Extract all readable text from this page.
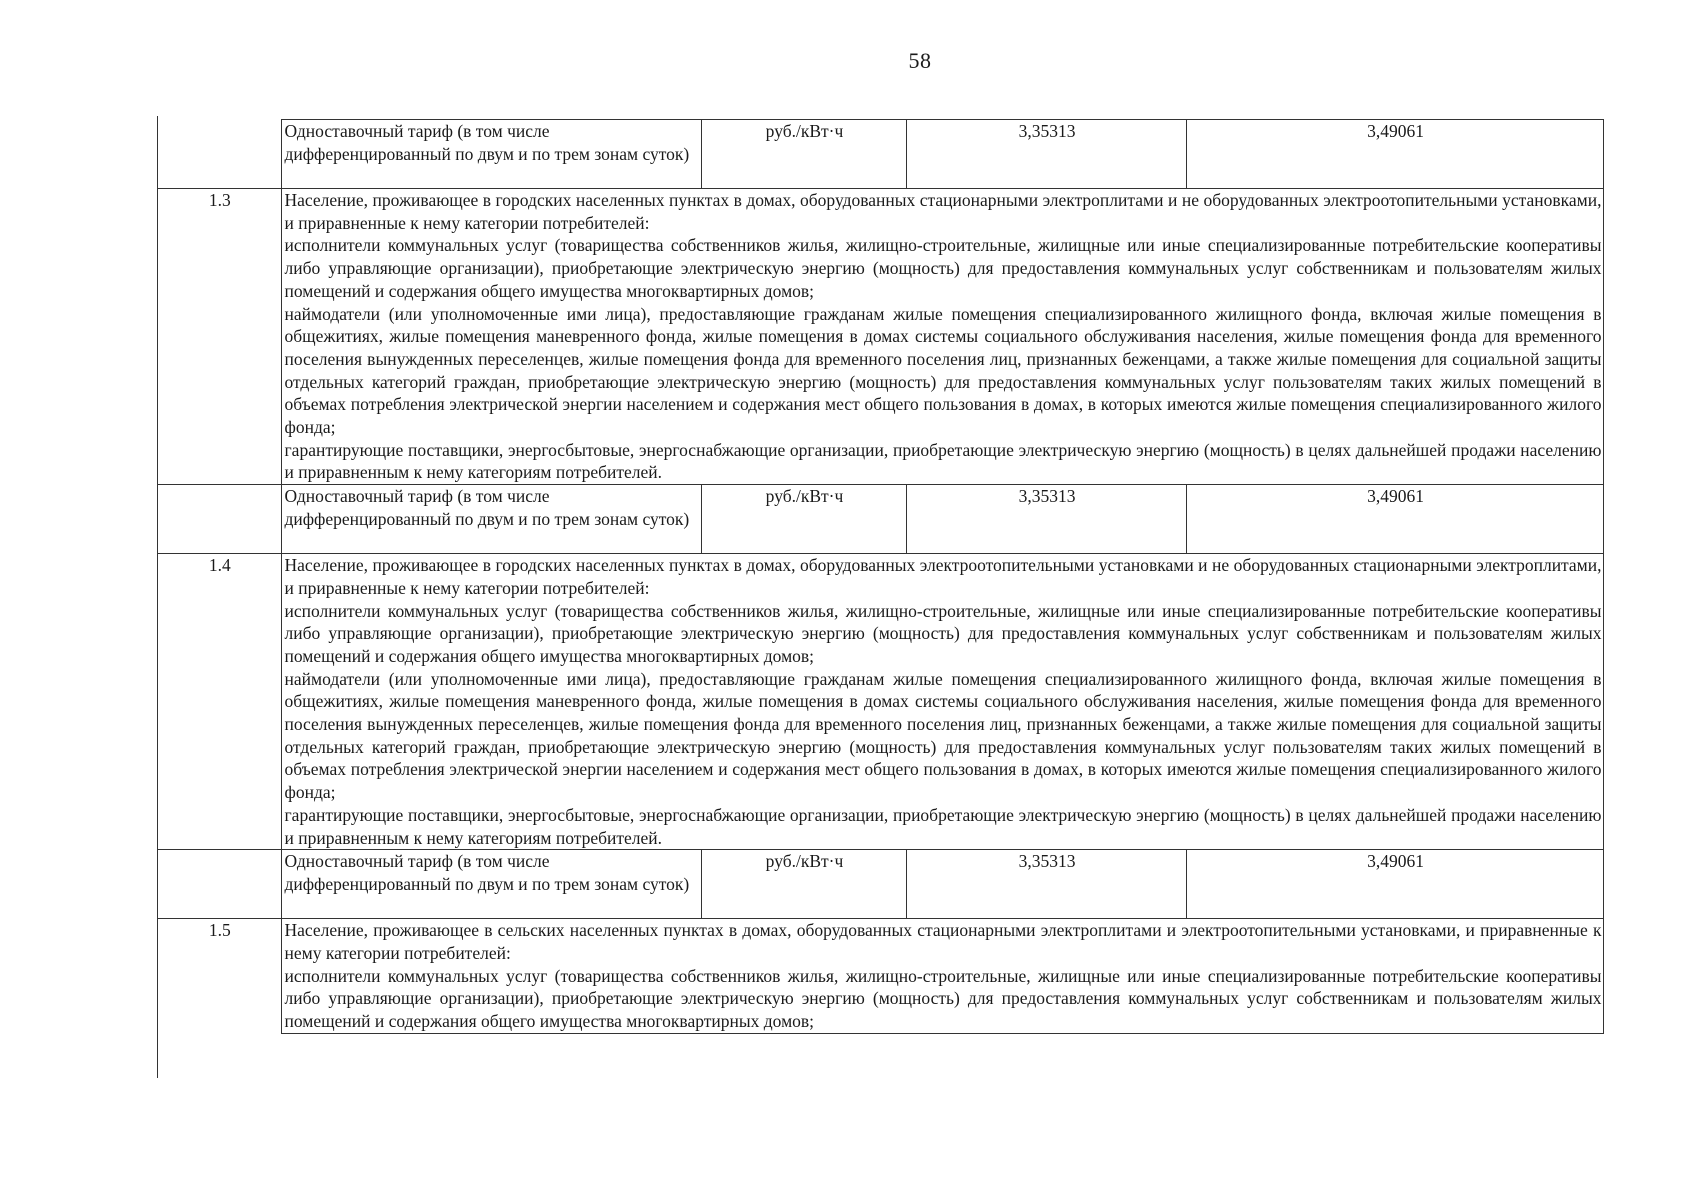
58
	Одноставочный тариф (в том числе дифференцированный по двум и по трем зонам суток)	руб./кВт·ч	3,35313	3,49061
1.3	Население, проживающее в городских населенных пунктах в домах, оборудованных стационарными электроплитами и не оборудованных электроотопительными установками, и приравненные к нему категории потребителей:

исполнители коммунальных услуг (товарищества собственников жилья, жилищно-строительные, жилищные или иные специализированные потребительские кооперативы либо управляющие организации), приобретающие электрическую энергию (мощность) для предоставления коммунальных услуг собственникам и пользователям жилых помещений и содержания общего имущества многоквартирных домов;

наймодатели (или уполномоченные ими лица), предоставляющие гражданам жилые помещения специализированного жилищного фонда, включая жилые помещения в общежитиях, жилые помещения маневренного фонда, жилые помещения в домах системы социального обслуживания населения, жилые помещения фонда для временного поселения вынужденных переселенцев, жилые помещения фонда для временного поселения лиц, признанных беженцами, а также жилые помещения для социальной защиты отдельных категорий граждан, приобретающие электрическую энергию (мощность) для предоставления коммунальных услуг пользователям таких жилых помещений в объемах потребления электрической энергии населением и содержания мест общего пользования в домах, в которых имеются жилые помещения специализированного жилого фонда;

гарантирующие поставщики, энергосбытовые, энергоснабжающие организации, приобретающие электрическую энергию (мощность) в целях дальнейшей продажи населению и приравненным к нему категориям потребителей.			

	Одноставочный тариф (в том числе дифференцированный по двум и по трем зонам суток)	руб./кВт·ч	3,35313	3,49061
1.4	Население, проживающее в городских населенных пунктах в домах, оборудованных электроотопительными установками и не оборудованных стационарными электроплитами, и приравненные к нему категории потребителей:

исполнители коммунальных услуг (товарищества собственников жилья, жилищно-строительные, жилищные или иные специализированные потребительские кооперативы либо управляющие организации), приобретающие электрическую энергию (мощность) для предоставления коммунальных услуг собственникам и пользователям жилых помещений и содержания общего имущества многоквартирных домов;

наймодатели (или уполномоченные ими лица), предоставляющие гражданам жилые помещения специализированного жилищного фонда, включая жилые помещения в общежитиях, жилые помещения маневренного фонда, жилые помещения в домах системы социального обслуживания населения, жилые помещения фонда для временного поселения вынужденных переселенцев, жилые помещения фонда для временного поселения лиц, признанных беженцами, а также жилые помещения для социальной защиты отдельных категорий граждан, приобретающие электрическую энергию (мощность) для предоставления коммунальных услуг пользователям таких жилых помещений в объемах потребления электрической энергии населением и содержания мест общего пользования в домах, в которых имеются жилые помещения специализированного жилого фонда;

гарантирующие поставщики, энергосбытовые, энергоснабжающие организации, приобретающие электрическую энергию (мощность) в целях дальнейшей продажи населению и приравненным к нему категориям потребителей.			

	Одноставочный тариф (в том числе дифференцированный по двум и по трем зонам суток)	руб./кВт·ч	3,35313	3,49061
1.5	Население, проживающее в сельских населенных пунктах в домах, оборудованных стационарными электроплитами и электроотопительными установками, и приравненные к нему категории потребителей:

исполнители коммунальных услуг (товарищества собственников жилья, жилищно-строительные, жилищные или иные специализированные потребительские кооперативы либо управляющие организации), приобретающие электрическую энергию (мощность) для предоставления коммунальных услуг собственникам и пользователям жилых помещений и содержания общего имущества многоквартирных домов;			
